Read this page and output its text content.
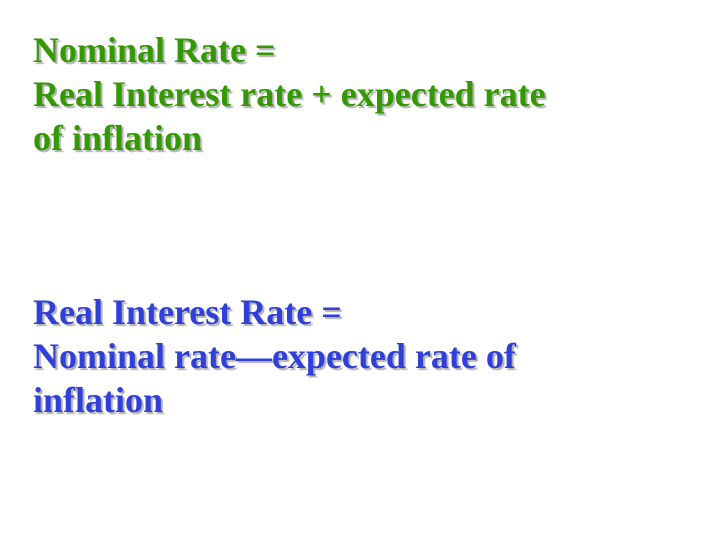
Nominal Rate =
Real Interest rate + expected rate
of inflation
Real Interest Rate =
Nominal rate—expected rate of
inflation
